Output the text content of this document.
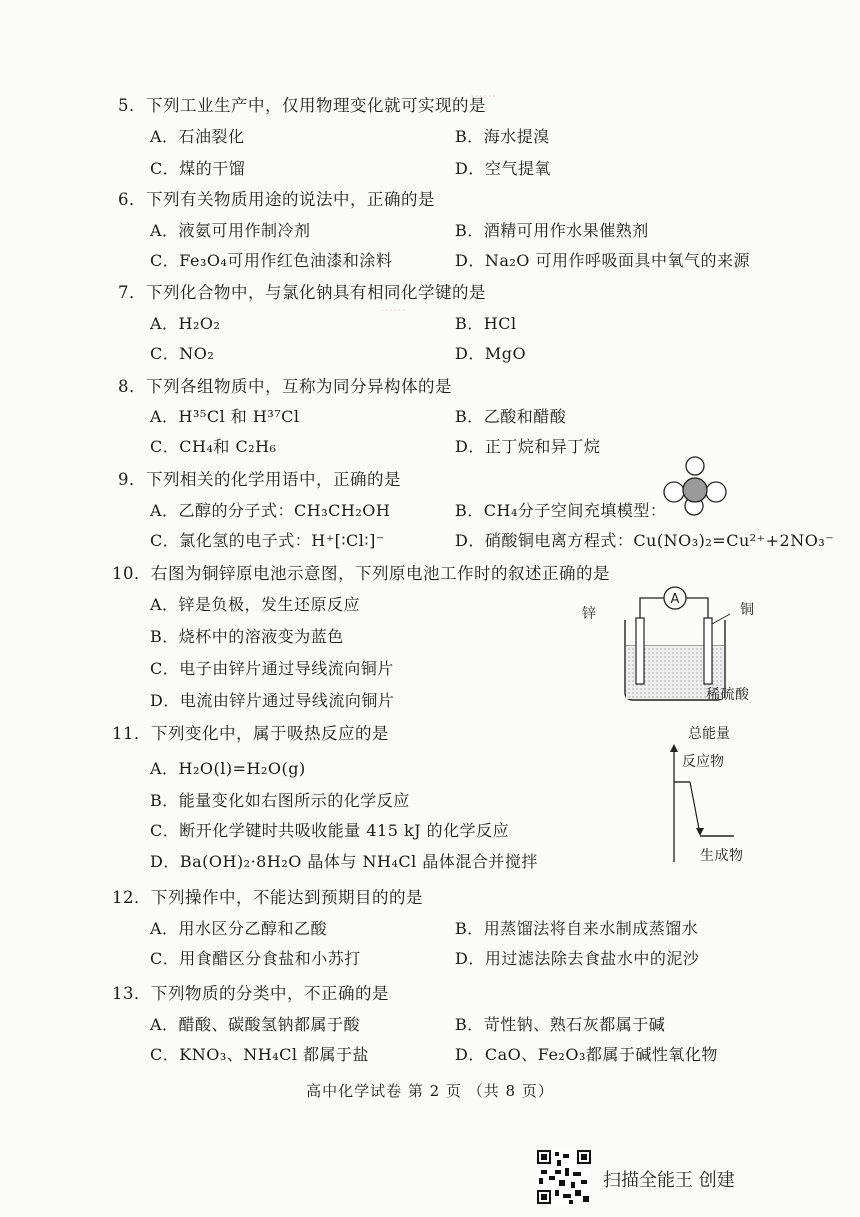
……
……
5．下列工业生产中，仅用物理变化就可实现的是
A．石油裂化	B．海水提溴
C．煤的干馏	D．空气提氧
6．下列有关物质用途的说法中，正确的是
A．液氨可用作制冷剂	B．酒精可用作水果催熟剂
C．Fe₃O₄可用作红色油漆和涂料	D．Na₂O 可用作呼吸面具中氧气的来源
7．下列化合物中，与氯化钠具有相同化学键的是
A．H₂O₂	B．HCl
C．NO₂	D．MgO
8．下列各组物质中，互称为同分异构体的是
A．H³⁵Cl 和 H³⁷Cl	B．乙酸和醋酸
C．CH₄和 C₂H₆	D．正丁烷和异丁烷
9．下列相关的化学用语中，正确的是
A．乙醇的分子式：CH₃CH₂OH	B．CH₄分子空间充填模型：
C．氯化氢的电子式：H⁺[∶Cl∶]⁻	D．硝酸铜电离方程式：Cu(NO₃)₂=Cu²⁺+2NO₃⁻
10．右图为铜锌原电池示意图，下列原电池工作时的叙述正确的是
A．锌是负极，发生还原反应
B．烧杯中的溶液变为蓝色
C．电子由锌片通过导线流向铜片
D．电流由锌片通过导线流向铜片
A
锌	铜
稀硫酸
11．下列变化中，属于吸热反应的是
A．H₂O(l)=H₂O(g)
B．能量变化如右图所示的化学反应
C．断开化学键时共吸收能量 415 kJ 的化学反应
D．Ba(OH)₂·8H₂O 晶体与 NH₄Cl 晶体混合并搅拌
总能量
反应物
生成物
12．下列操作中，不能达到预期目的的是
A．用水区分乙醇和乙酸	B．用蒸馏法将自来水制成蒸馏水
C．用食醋区分食盐和小苏打	D．用过滤法除去食盐水中的泥沙
13．下列物质的分类中，不正确的是
A．醋酸、碳酸氢钠都属于酸	B．苛性钠、熟石灰都属于碱
C．KNO₃、NH₄Cl 都属于盐	D．CaO、Fe₂O₃都属于碱性氧化物
高中化学试卷 第 2 页 （共 8 页）
扫描全能王 创建
